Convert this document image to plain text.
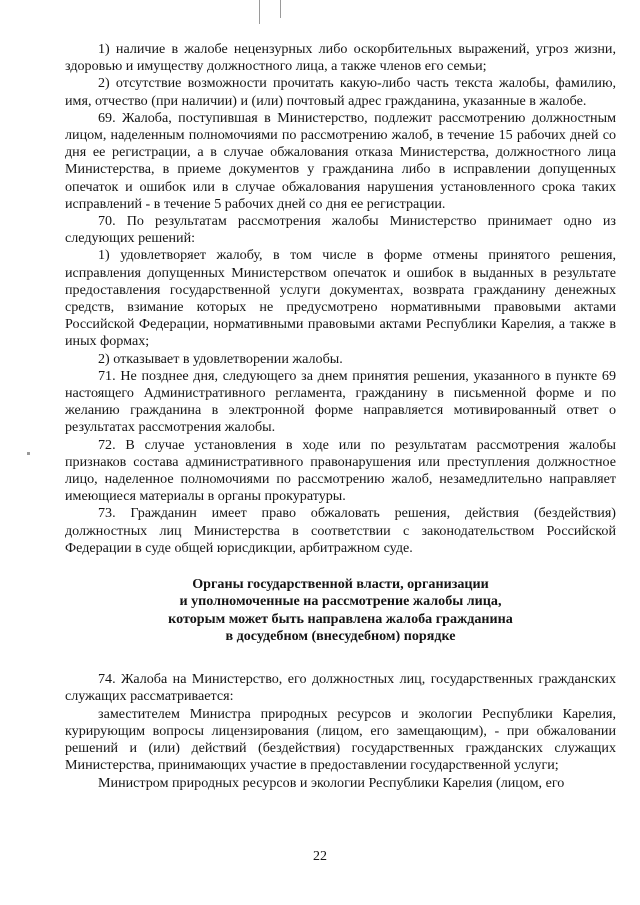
1) наличие в жалобе нецензурных либо оскорбительных выражений, угроз жизни, здоровью и имуществу должностного лица, а также членов его семьи;

2) отсутствие возможности прочитать какую-либо часть текста жалобы, фамилию, имя, отчество (при наличии) и (или) почтовый адрес гражданина, указанные в жалобе.

69. Жалоба, поступившая в Министерство, подлежит рассмотрению должностным лицом, наделенным полномочиями по рассмотрению жалоб, в течение 15 рабочих дней со дня ее регистрации, а в случае обжалования отказа Министерства, должностного лица Министерства, в приеме документов у гражданина либо в исправлении допущенных опечаток и ошибок или в случае обжалования нарушения установленного срока таких исправлений - в течение 5 рабочих дней со дня ее регистрации.

70. По результатам рассмотрения жалобы Министерство принимает одно из следующих решений:

1) удовлетворяет жалобу, в том числе в форме отмены принятого решения, исправления допущенных Министерством опечаток и ошибок в выданных в результате предоставления государственной услуги документах, возврата гражданину денежных средств, взимание которых не предусмотрено нормативными правовыми актами Российской Федерации, нормативными правовыми актами Республики Карелия, а также в иных формах;

2) отказывает в удовлетворении жалобы.

71. Не позднее дня, следующего за днем принятия решения, указанного в пункте 69 настоящего Административного регламента, гражданину в письменной форме и по желанию гражданина в электронной форме направляется мотивированный ответ о результатах рассмотрения жалобы.

72. В случае установления в ходе или по результатам рассмотрения жалобы признаков состава административного правонарушения или преступления должностное лицо, наделенное полномочиями по рассмотрению жалоб, незамедлительно направляет имеющиеся материалы в органы прокуратуры.

73. Гражданин имеет право обжаловать решения, действия (бездействия) должностных лиц Министерства в соответствии с законодательством Российской Федерации в суде общей юрисдикции, арбитражном суде.

Органы государственной власти, организации
и уполномоченные на рассмотрение жалобы лица,
которым может быть направлена жалоба гражданина
в досудебном (внесудебном) порядке

74. Жалоба на Министерство, его должностных лиц, государственных гражданских служащих рассматривается:

заместителем Министра природных ресурсов и экологии Республики Карелия, курирующим вопросы лицензирования (лицом, его замещающим), - при обжаловании решений и (или) действий (бездействия) государственных гражданских служащих Министерства, принимающих участие в предоставлении государственной услуги;

Министром природных ресурсов и экологии Республики Карелия (лицом, его

22
